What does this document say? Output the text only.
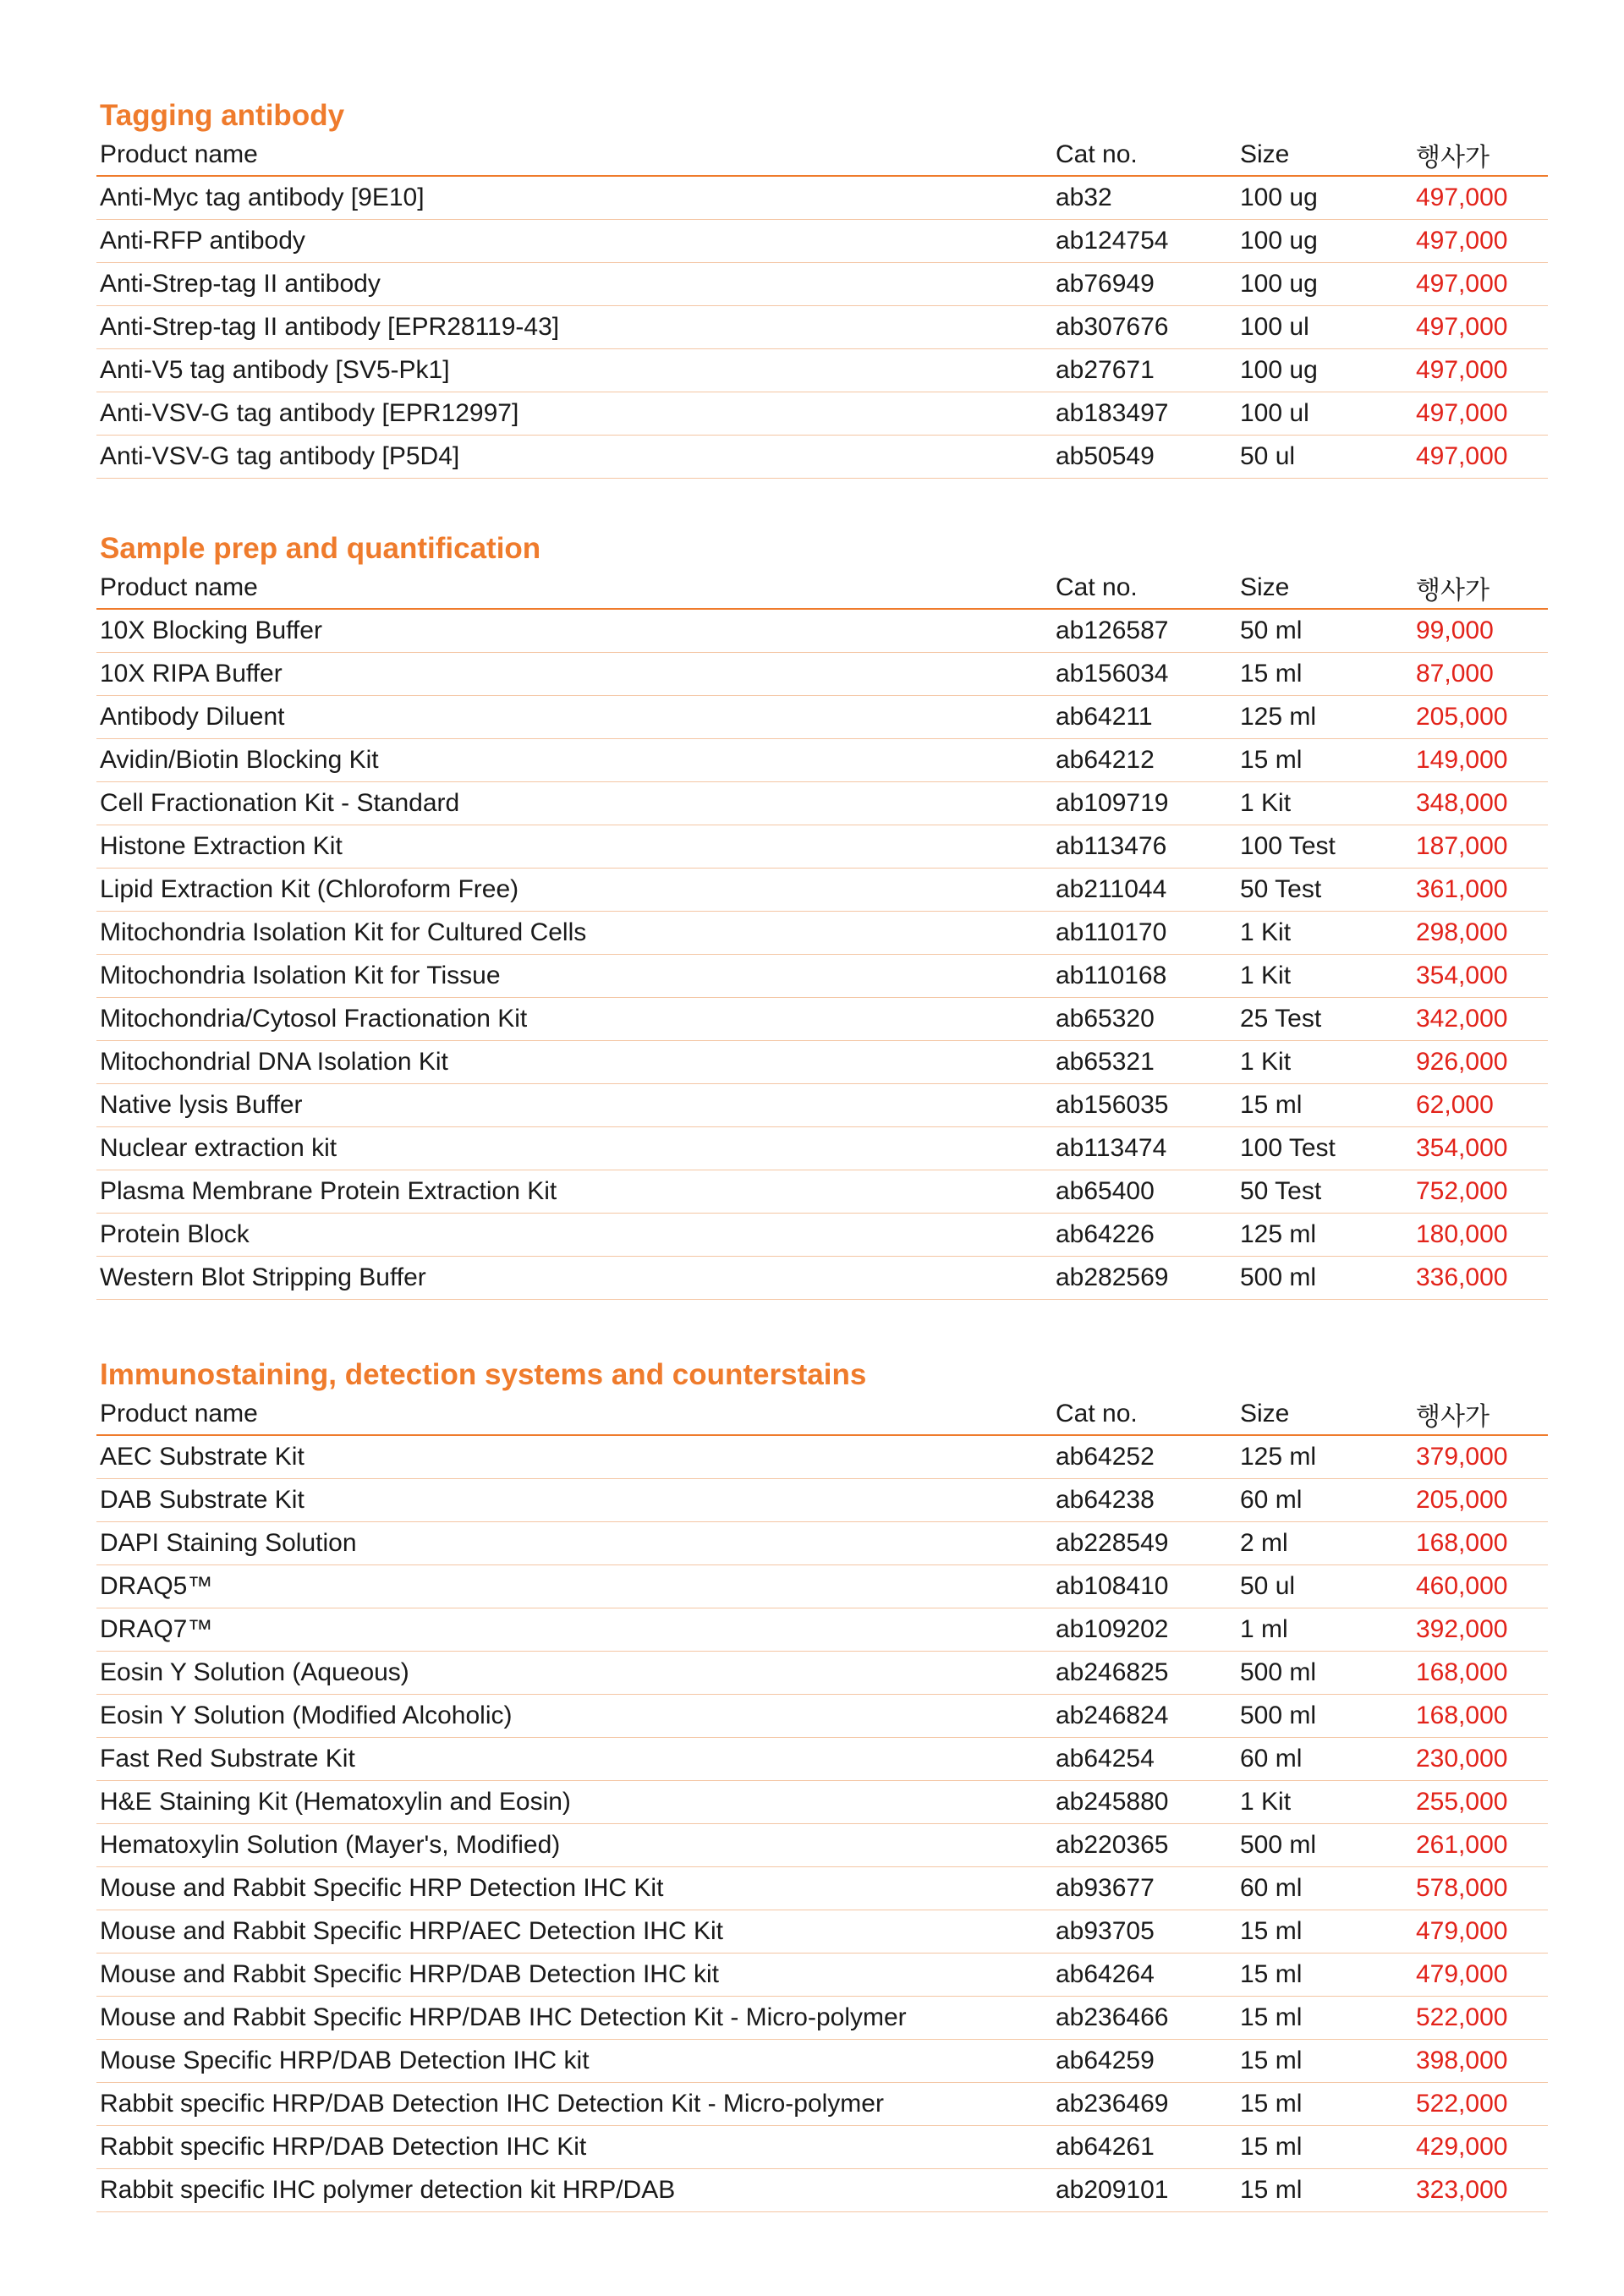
Tagging antibody
Product name	Cat no.	Size	행사가
Anti-Myc tag antibody [9E10]	ab32	100 ug	497,000
Anti-RFP antibody	ab124754	100 ug	497,000
Anti-Strep-tag II antibody	ab76949	100 ug	497,000
Anti-Strep-tag II antibody [EPR28119-43]	ab307676	100 ul	497,000
Anti-V5 tag antibody [SV5-Pk1]	ab27671	100 ug	497,000
Anti-VSV-G tag antibody [EPR12997]	ab183497	100 ul	497,000
Anti-VSV-G tag antibody [P5D4]	ab50549	50 ul	497,000
Sample prep and quantification
Product name	Cat no.	Size	행사가
10X Blocking Buffer	ab126587	50 ml	99,000
10X RIPA Buffer	ab156034	15 ml	87,000
Antibody Diluent	ab64211	125 ml	205,000
Avidin/Biotin Blocking Kit	ab64212	15 ml	149,000
Cell Fractionation Kit - Standard	ab109719	1 Kit	348,000
Histone Extraction Kit	ab113476	100 Test	187,000
Lipid Extraction Kit (Chloroform Free)	ab211044	50 Test	361,000
Mitochondria Isolation Kit for Cultured Cells	ab110170	1 Kit	298,000
Mitochondria Isolation Kit for Tissue	ab110168	1 Kit	354,000
Mitochondria/Cytosol Fractionation Kit	ab65320	25 Test	342,000
Mitochondrial DNA Isolation Kit	ab65321	1 Kit	926,000
Native lysis Buffer	ab156035	15 ml	62,000
Nuclear extraction kit	ab113474	100 Test	354,000
Plasma Membrane Protein Extraction Kit	ab65400	50 Test	752,000
Protein Block	ab64226	125 ml	180,000
Western Blot Stripping Buffer	ab282569	500 ml	336,000
Immunostaining, detection systems and counterstains
Product name	Cat no.	Size	행사가
AEC Substrate Kit	ab64252	125 ml	379,000
DAB Substrate Kit	ab64238	60 ml	205,000
DAPI Staining Solution	ab228549	2 ml	168,000
DRAQ5™	ab108410	50 ul	460,000
DRAQ7™	ab109202	1 ml	392,000
Eosin Y Solution (Aqueous)	ab246825	500 ml	168,000
Eosin Y Solution (Modified Alcoholic)	ab246824	500 ml	168,000
Fast Red Substrate Kit	ab64254	60 ml	230,000
H&E Staining Kit (Hematoxylin and Eosin)	ab245880	1 Kit	255,000
Hematoxylin Solution (Mayer's, Modified)	ab220365	500 ml	261,000
Mouse and Rabbit Specific HRP Detection IHC Kit	ab93677	60 ml	578,000
Mouse and Rabbit Specific HRP/AEC Detection IHC Kit	ab93705	15 ml	479,000
Mouse and Rabbit Specific HRP/DAB Detection IHC kit	ab64264	15 ml	479,000
Mouse and Rabbit Specific HRP/DAB IHC Detection Kit - Micro-polymer	ab236466	15 ml	522,000
Mouse Specific HRP/DAB Detection IHC kit	ab64259	15 ml	398,000
Rabbit specific HRP/DAB Detection IHC Detection Kit - Micro-polymer	ab236469	15 ml	522,000
Rabbit specific HRP/DAB Detection IHC Kit	ab64261	15 ml	429,000
Rabbit specific IHC polymer detection kit HRP/DAB	ab209101	15 ml	323,000
